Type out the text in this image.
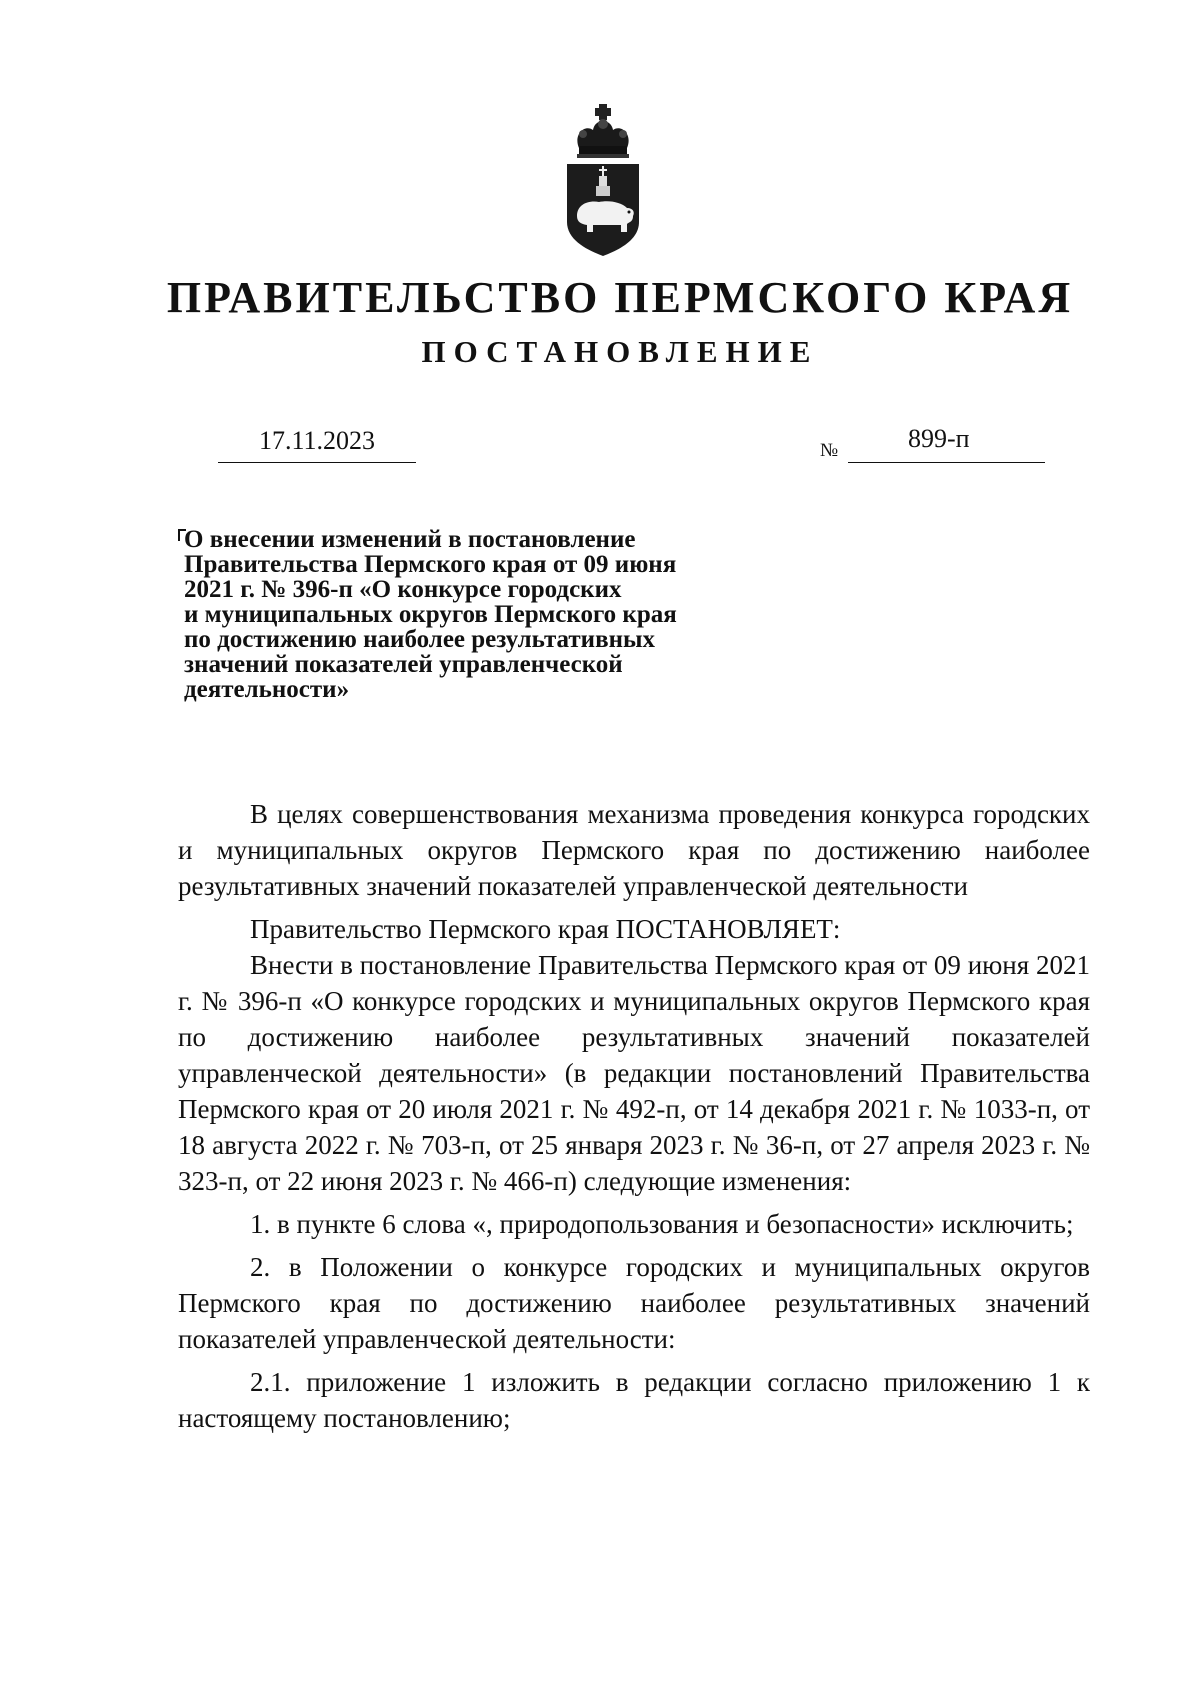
ПРАВИТЕЛЬСТВО ПЕРМСКОГО КРАЯ
ПОСТАНОВЛЕНИЕ
17.11.2023	№	899-п
О внесении изменений в постановление
Правительства Пермского края от 09 июня
2021 г. № 396-п «О конкурсе городских
и муниципальных округов Пермского края
по достижению наиболее результативных
значений показателей управленческой
деятельности»

В целях совершенствования механизма проведения конкурса городских и муниципальных округов Пермского края по достижению наиболее результативных значений показателей управленческой деятельности

Правительство Пермского края ПОСТАНОВЛЯЕТ:

Внести в постановление Правительства Пермского края от 09 июня 2021 г. № 396-п «О конкурсе городских и муниципальных округов Пермского края по достижению наиболее результативных значений показателей управленческой деятельности» (в редакции постановлений Правительства Пермского края от 20 июля 2021 г. № 492-п, от 14 декабря 2021 г. № 1033-п, от 18 августа 2022 г. № 703-п, от 25 января 2023 г. № 36-п, от 27 апреля 2023 г. № 323-п, от 22 июня 2023 г. № 466-п) следующие изменения:

1. в пункте 6 слова «, природопользования и безопасности» исключить;

2. в Положении о конкурсе городских и муниципальных округов Пермского края по достижению наиболее результативных значений показателей управленческой деятельности:

2.1. приложение 1 изложить в редакции согласно приложению 1 к настоящему постановлению;
